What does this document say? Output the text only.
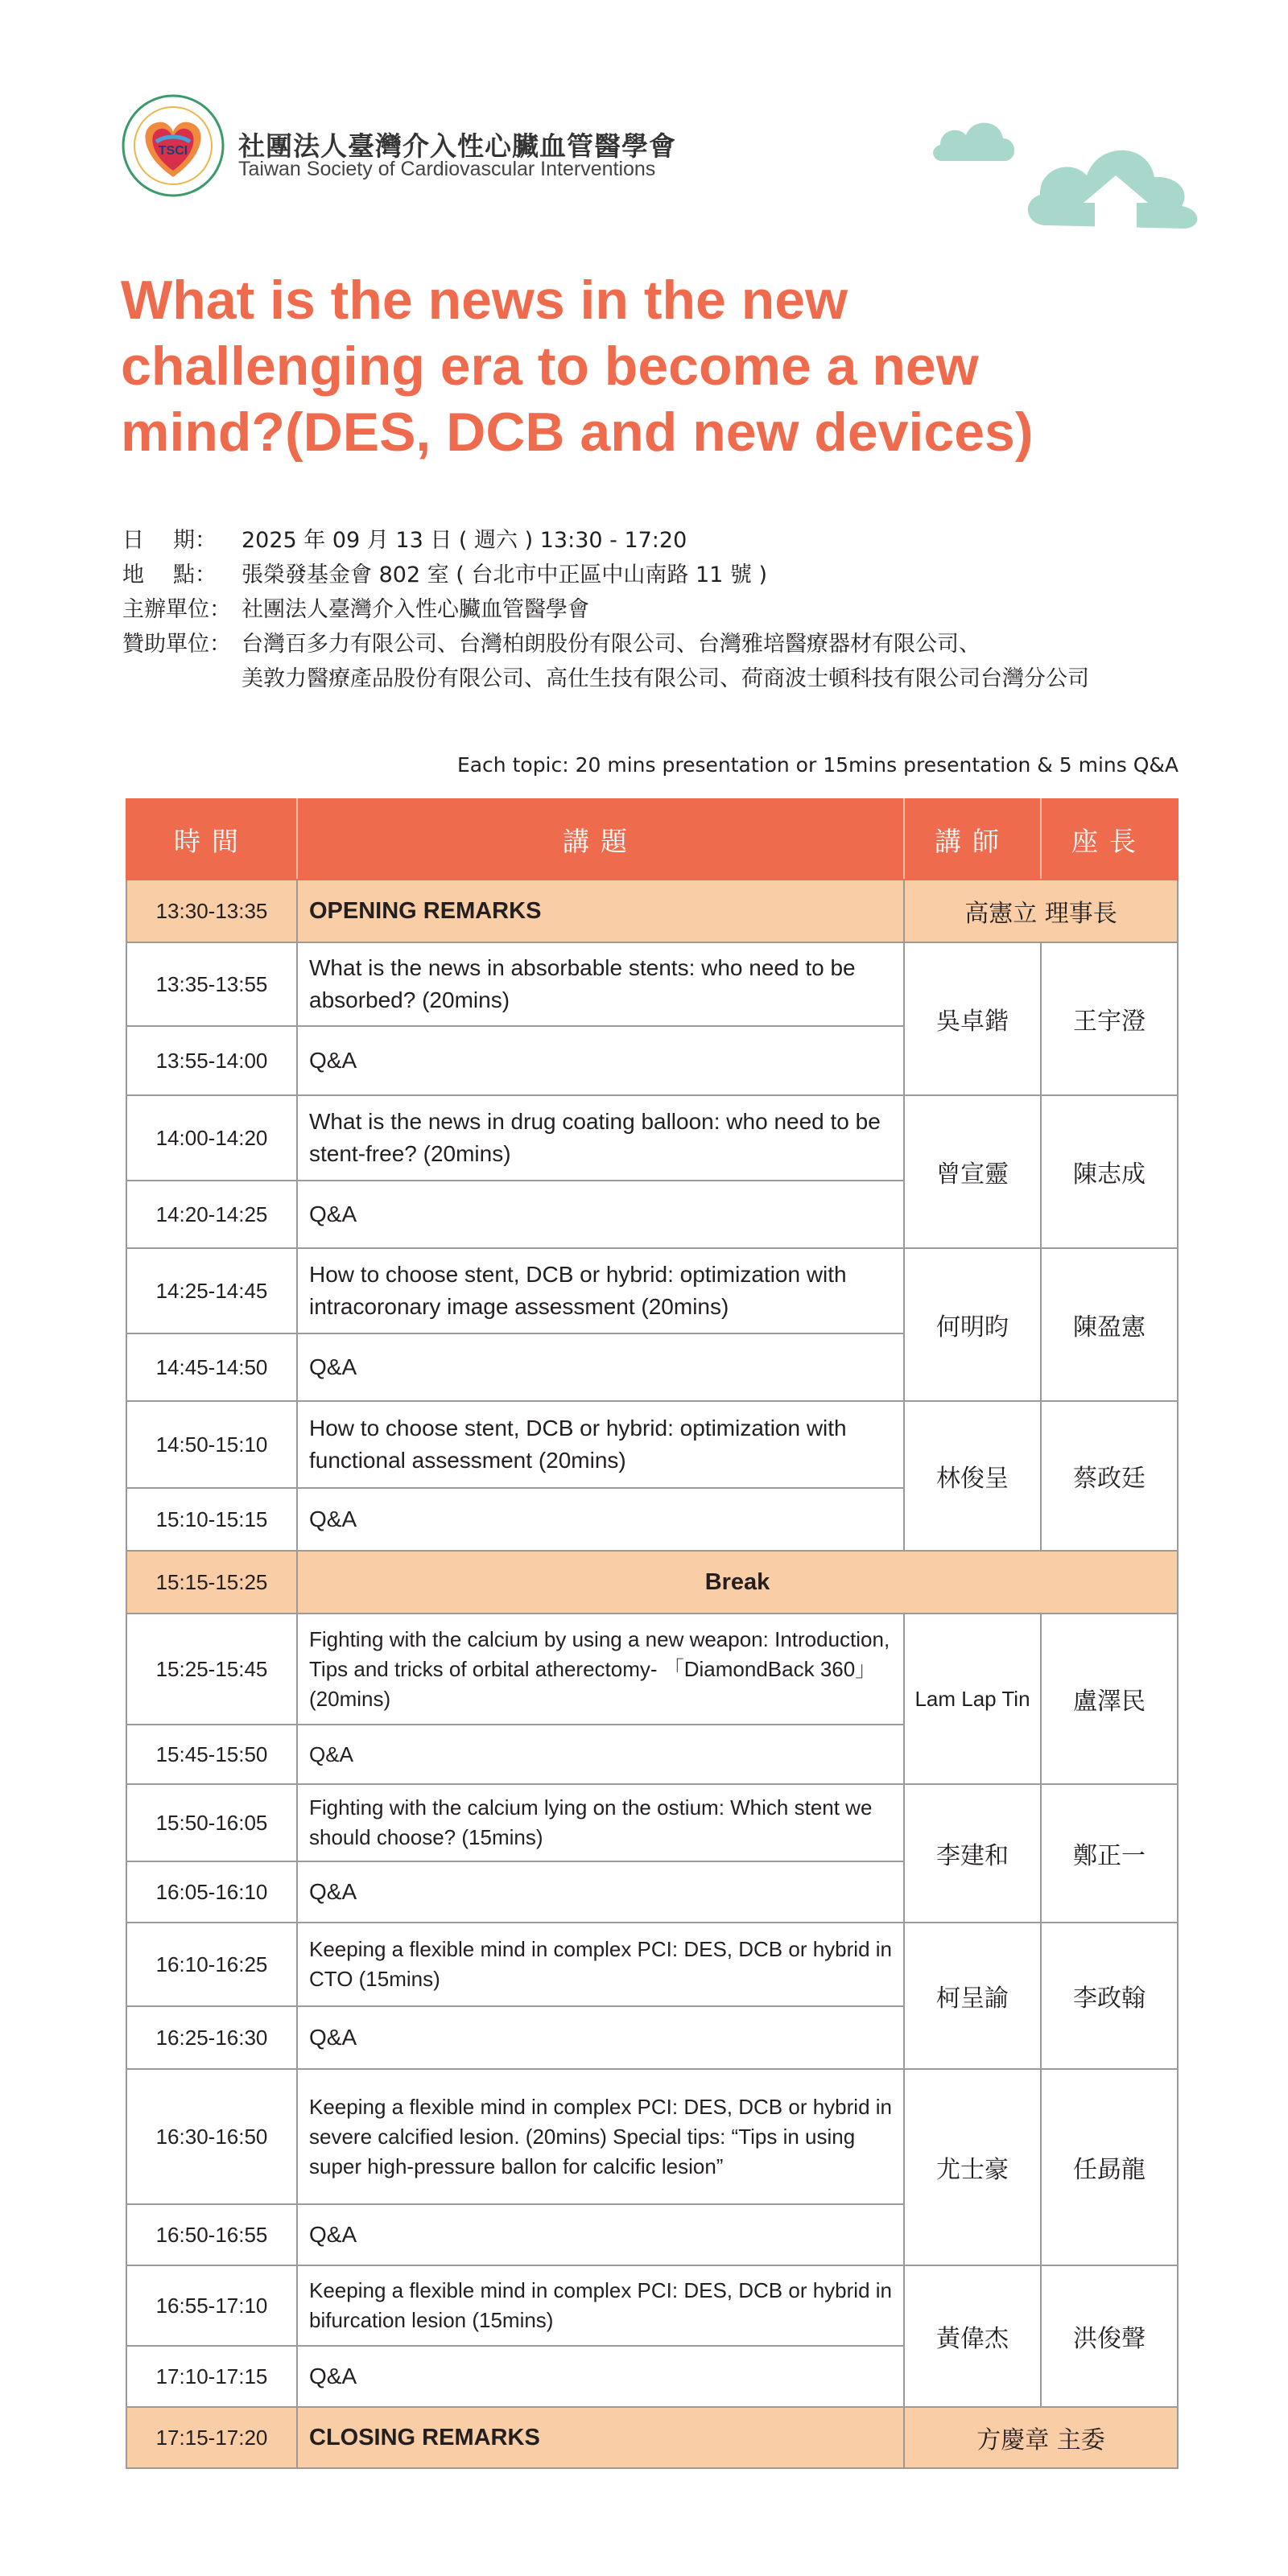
TSCI 社團法人臺灣介入性心臟血管醫學會
Taiwan Society of Cardiovascular Interventions
What is the news in the new
challenging era to become a new
mind?(DES, DCB and new devices)
日期：	2025 年 09 月 13 日 ( 週六 ) 13:30 - 17:20
地點：	張榮發基金會 802 室 ( 台北市中正區中山南路 11 號 )
主辦單位： 社團法人臺灣介入性心臟血管醫學會
贊助單位： 台灣百多力有限公司、台灣柏朗股份有限公司、台灣雅培醫療器材有限公司、
美敦力醫療產品股份有限公司、高仕生技有限公司、荷商波士頓科技有限公司台灣分公司
Each topic: 20 mins presentation or 15mins presentation & 5 mins Q&A
時間	講題	講師	座長
13:30-13:35	OPENING REMARKS	高憲立 理事長	
13:35-13:55	What is the news in absorbable stents: who need to be absorbed? (20mins)	吳卓鍇	王宇澄
13:55-14:00	Q&A		
14:00-14:20	What is the news in drug coating balloon: who need to be stent-free? (20mins)	曾宣靈	陳志成
14:20-14:25	Q&A		
14:25-14:45	How to choose stent, DCB or hybrid: optimization with intracoronary image assessment (20mins)	何明昀	陳盈憲
14:45-14:50	Q&A		
14:50-15:10	How to choose stent, DCB or hybrid: optimization with functional assessment (20mins)	林俊呈	蔡政廷
15:10-15:15	Q&A		
15:15-15:25	Break		
15:25-15:45	Fighting with the calcium by using a new weapon: Introduction, Tips and tricks of orbital atherectomy- 「DiamondBack 360」 (20mins)	Lam Lap Tin	盧澤民
15:45-15:50	Q&A		
15:50-16:05	Fighting with the calcium lying on the ostium: Which stent we should choose? (15mins)	李建和	鄭正一
16:05-16:10	Q&A		
16:10-16:25	Keeping a flexible mind in complex PCI: DES, DCB or hybrid in CTO (15mins)	柯呈諭	李政翰
16:25-16:30	Q&A		
16:30-16:50	Keeping a flexible mind in complex PCI: DES, DCB or hybrid in severe calcified lesion. (20mins) Special tips: “Tips in using super high-pressure ballon for calcific lesion”	尤士豪	任勗龍
16:50-16:55	Q&A		
16:55-17:10	Keeping a flexible mind in complex PCI: DES, DCB or hybrid in bifurcation lesion (15mins)	黃偉杰	洪俊聲
17:10-17:15	Q&A		
17:15-17:20	CLOSING REMARKS	方慶章 主委	
